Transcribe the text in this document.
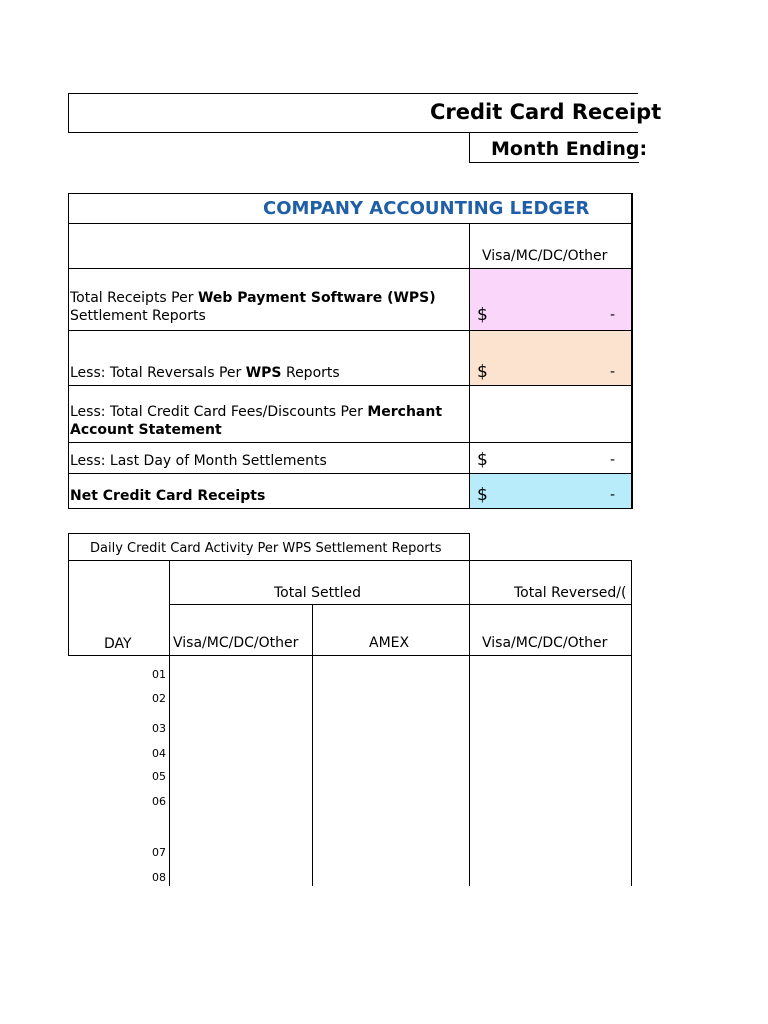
Credit Card Receipt
Month Ending:
COMPANY ACCOUNTING LEDGER
Visa/MC/DC/Other
Total Receipts Per Web Payment Software (WPS)
Settlement Reports	$	-
Less: Total Reversals Per WPS Reports	$	-
Less: Total Credit Card Fees/Discounts Per Merchant
Account Statement
Less: Last Day of Month Settlements	$	-
Net Credit Card Receipts	$	-
Daily Credit Card Activity Per WPS Settlement Reports
Total Settled	Total Reversed/(
DAY	Visa/MC/DC/Other	AMEX	Visa/MC/DC/Other
01
02
03
04
05
06
07
08
